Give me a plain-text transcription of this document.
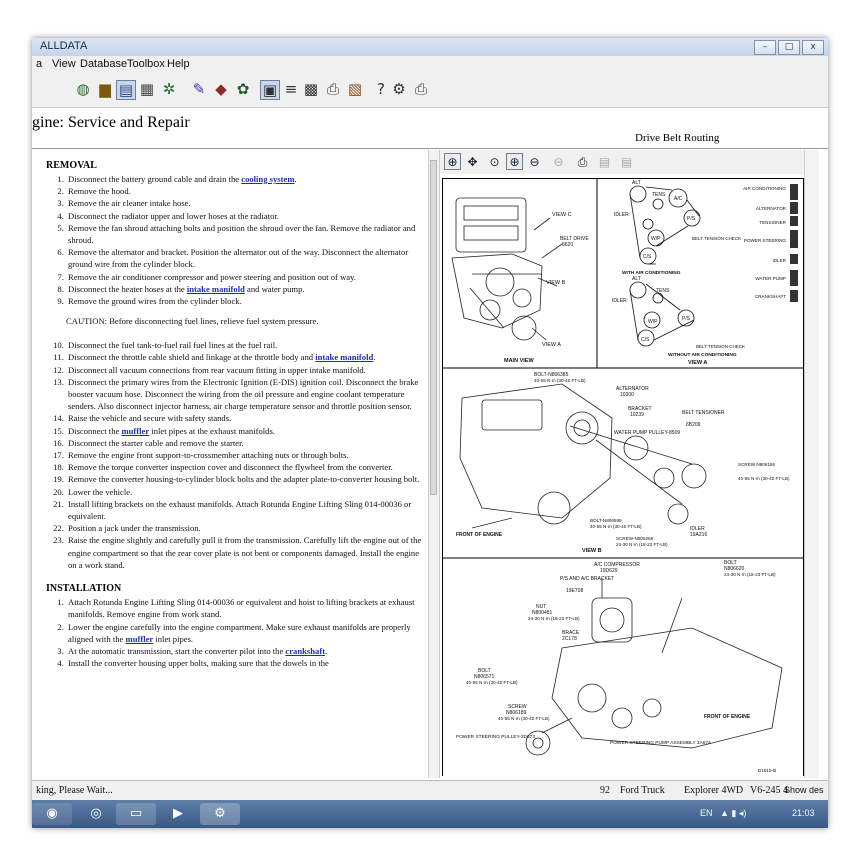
ALLDATA	–	□	x
a View Database Toolbox Help
◍ ▆ ▤ ▦ ✲ ✎ ◆ ✿ ▣ ≡ ▩ ⎙ ▧ ? ⚙ ⎙
gine: Service and Repair
Drive Belt Routing
REMOVAL
1. Disconnect the battery ground cable and drain the cooling system.
2. Remove the hood.
3. Remove the air cleaner intake hose.
4. Disconnect the radiator upper and lower hoses at the radiator.
5. Remove the fan shroud attaching bolts and position the shroud over the fan. Remove the radiator and shroud.
6. Remove the alternator and bracket. Position the alternator out of the way. Disconnect the alternator ground wire from the cylinder block.
7. Remove the air conditioner compressor and power steering and position out of way.
8. Disconnect the heater hoses at the intake manifold and water pump.
9. Remove the ground wires from the cylinder block.
CAUTION: Before disconnecting fuel lines, relieve fuel system pressure.
10. Disconnect the fuel tank-to-fuel rail fuel lines at the fuel rail.
11. Disconnect the throttle cable shield and linkage at the throttle body and intake manifold.
12. Disconnect all vacuum connections from rear vacuum fitting in upper intake manifold.
13. Disconnect the primary wires from the Electronic Ignition (E-DIS) ignition coil. Disconnect the brake booster vacuum hose. Disconnect the wiring from the oil pressure and engine coolant temperature senders. Also disconnect injector harness, air charge temperature sensor and throttle position sensor.
14. Raise the vehicle and secure with safety stands.
15. Disconnect the muffler inlet pipes at the exhaust manifolds.
16. Disconnect the starter cable and remove the starter.
17. Remove the engine front support-to-crossmember attaching nuts or through bolts.
18. Remove the torque converter inspection cover and disconnect the flywheel from the converter.
19. Remove the converter housing-to-cylinder block bolts and the adapter plate-to-converter housing bolt.
20. Lower the vehicle.
21. Install lifting brackets on the exhaust manifolds. Attach Rotunda Engine Lifting Sling 014-00036 or equivalent.
22. Position a jack under the transmission.
23. Raise the engine slightly and carefully pull it from the transmission. Carefully lift the engine out of the engine compartment so that the rear cover plate is not bent or components damaged. Install the engine on a work stand.
INSTALLATION
1. Attach Rotunda Engine Lifting Sling 014-00036 or equivalent and hoist to lifting brackets at exhaust manifolds. Remove engine from work stand.
2. Lower the engine carefully into the engine compartment. Make sure exhaust manifolds are properly aligned with the muffler inlet pipes.
3. At the automatic transmission, start the converter pilot into the crankshaft.
4. Install the converter housing upper bolts, making sure that the dowels in the
⊕ ✥ ⊙ ⊕ ⊖ ⊖	⎙ ▤ ▤
VIEW C
BELT DRIVE
8620
VIEW B
VIEW A
MAIN VIEW
ALT
TENS
A/C
IDLER
W/P
P/S
C/S
BELT TENSION CHECK
WITH AIR CONDITIONING
ALT
TENS
IDLER
W/P	P/S
C/S
BELT TENSION CHECK
WITHOUT AIR CONDITIONING
VIEW A
AIR CONDITIONING
ALTERNATOR
TENSIONER
POWER STEERING
IDLER
WATER PUMP
CRANKSHAFT
BOLT-N806385
40-55 N·m (30-40 FT-LB)
ALTERNATOR
10300
BRACKET
10239	BELT TENSIONER
6B209
WATER PUMP PULLEY-8509
SCREW N806186
40-55 N·m (30-40 FT-LB)
FRONT OF ENGINE
BOLT-N806599
40-55 N·m (30-40 FT-LB)	IDLER
19A216
SCREW-N805268
24-30 N·m (18-23 FT-LB)
VIEW B
A/C COMPRESSOR
19D629
P/S AND A/C BRACKET
19E708
BOLT
N806620
24-30 N·m (18-23 FT-LB)
NUT
N800481
24-30 N·m (18-23 FT-LB)
BRACE
2C178
BOLT
N806571
40-55 N·m (30-40 FT-LB)
SCREW
N806189
40-55 N·m (30-40 FT-LB)
POWER STEERING PULLEY-3D673
POWER STEERING PUMP ASSEMBLY 3A674
FRONT OF ENGINE
D1815-B
king, Please Wait...	92 Ford Truck Explorer 4WD V6-245 4
Show des
◉	◎	▭	▶	⚙	EN ▲ ▮ ◂)	21:03
